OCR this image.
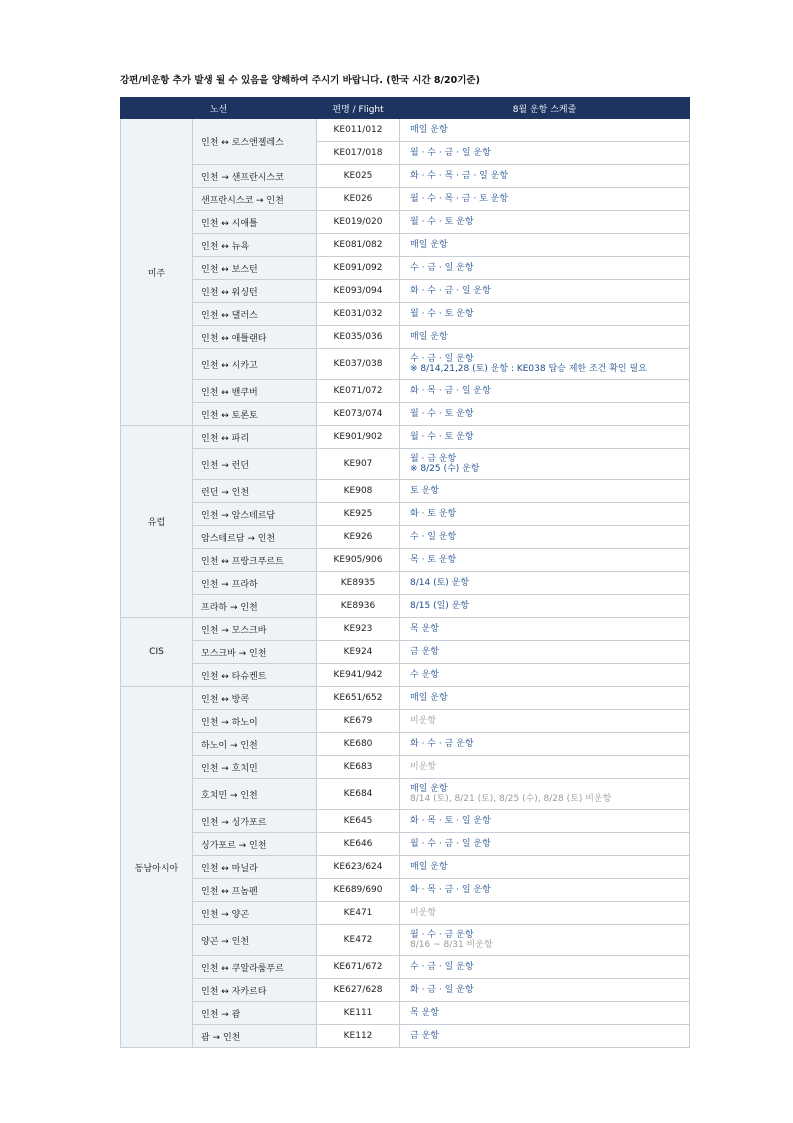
강편/비운항 추가 발생 될 수 있음을 양해하여 주시기 바랍니다. (한국 시간 8/20기준)
노선		편명 / Flight	8월 운항 스케줄
미주	인천 ↔ 로스앤젤레스	KE011/012	매일 운항
		KE017/018	월 · 수 · 금 · 일 운항
	인천 → 샌프란시스코	KE025	화 · 수 · 목 · 금 · 일 운항
	샌프란시스코 → 인천	KE026	월 · 수 · 목 · 금 · 토 운항
	인천 ↔ 시애틀	KE019/020	월 · 수 · 토 운항
	인천 ↔ 뉴욕	KE081/082	매일 운항
	인천 ↔ 보스턴	KE091/092	수 · 금 · 일 운항
	인천 ↔ 워싱턴	KE093/094	화 · 수 · 금 · 일 운항
	인천 ↔ 댈러스	KE031/032	월 · 수 · 토 운항
	인천 ↔ 애틀랜타	KE035/036	매일 운항
	인천 ↔ 시카고	KE037/038	수 · 금 · 일 운항
※ 8/14,21,28 (토) 운항 : KE038 탑승 제한 조건 확인 필요

	인천 ↔ 밴쿠버	KE071/072	화 · 목 · 금 · 일 운항
	인천 ↔ 토론토	KE073/074	월 · 수 · 토 운항
유럽	인천 ↔ 파리	KE901/902	월 · 수 · 토 운항
	인천 → 런던	KE907	월 · 금 운항
※ 8/25 (수) 운항

	런던 → 인천	KE908	토 운항
	인천 → 암스테르담	KE925	화 · 토 운항
	암스테르담 → 인천	KE926	수 · 일 운항
	인천 ↔ 프랑크푸르트	KE905/906	목 · 토 운항
	인천 → 프라하	KE8935	8/14 (토) 운항
	프라하 → 인천	KE8936	8/15 (일) 운항
CIS	인천 → 모스크바	KE923	목 운항
	모스크바 → 인천	KE924	금 운항
	인천 ↔ 타슈켄트	KE941/942	수 운항
동남아시아	인천 ↔ 방콕	KE651/652	매일 운항
	인천 → 하노이	KE679	비운항
	하노이 → 인천	KE680	화 · 수 · 금 운항
	인천 → 호치민	KE683	비운항
	호치민 → 인천	KE684	매일 운항
8/14 (토), 8/21 (토), 8/25 (수), 8/28 (토) 비운항

	인천 → 싱가포르	KE645	화 · 목 · 토 · 일 운항
	싱가포르 → 인천	KE646	월 · 수 · 금 · 일 운항
	인천 ↔ 마닐라	KE623/624	매일 운항
	인천 ↔ 프놈펜	KE689/690	화 · 목 · 금 · 일 운항
	인천 → 양곤	KE471	비운항
	양곤 → 인천	KE472	월 · 수 · 금 운항
8/16 ~ 8/31 비운항

	인천 ↔ 쿠알라룸푸르	KE671/672	수 · 금 · 일 운항
	인천 ↔ 자카르타	KE627/628	화 · 금 · 일 운항
	인천 → 괌	KE111	목 운항
	괌 → 인천	KE112	금 운항
